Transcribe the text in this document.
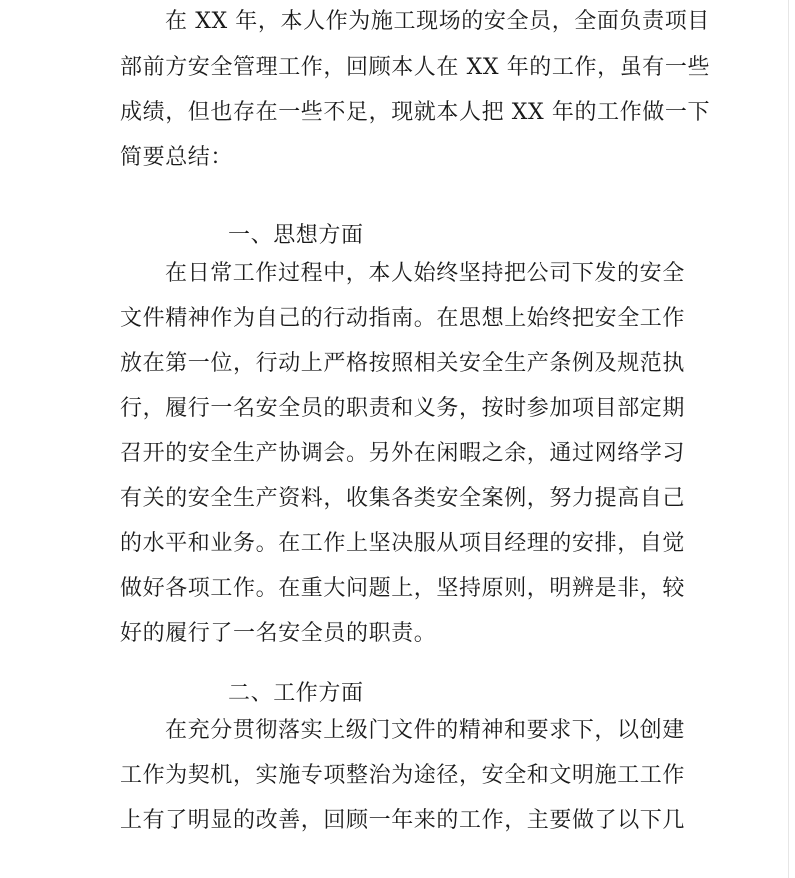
在 XX 年，本人作为施工现场的安全员，全面负责项目
部前方安全管理工作，回顾本人在 XX 年的工作，虽有一些
成绩，但也存在一些不足，现就本人把 XX 年的工作做一下
简要总结：
一、思想方面
在日常工作过程中，本人始终坚持把公司下发的安全
文件精神作为自己的行动指南。在思想上始终把安全工作
放在第一位，行动上严格按照相关安全生产条例及规范执
行，履行一名安全员的职责和义务，按时参加项目部定期
召开的安全生产协调会。另外在闲暇之余，通过网络学习
有关的安全生产资料，收集各类安全案例，努力提高自己
的水平和业务。在工作上坚决服从项目经理的安排，自觉
做好各项工作。在重大问题上，坚持原则，明辨是非，较
好的履行了一名安全员的职责。
二、工作方面
在充分贯彻落实上级门文件的精神和要求下，以创建
工作为契机，实施专项整治为途径，安全和文明施工工作
上有了明显的改善，回顾一年来的工作，主要做了以下几
